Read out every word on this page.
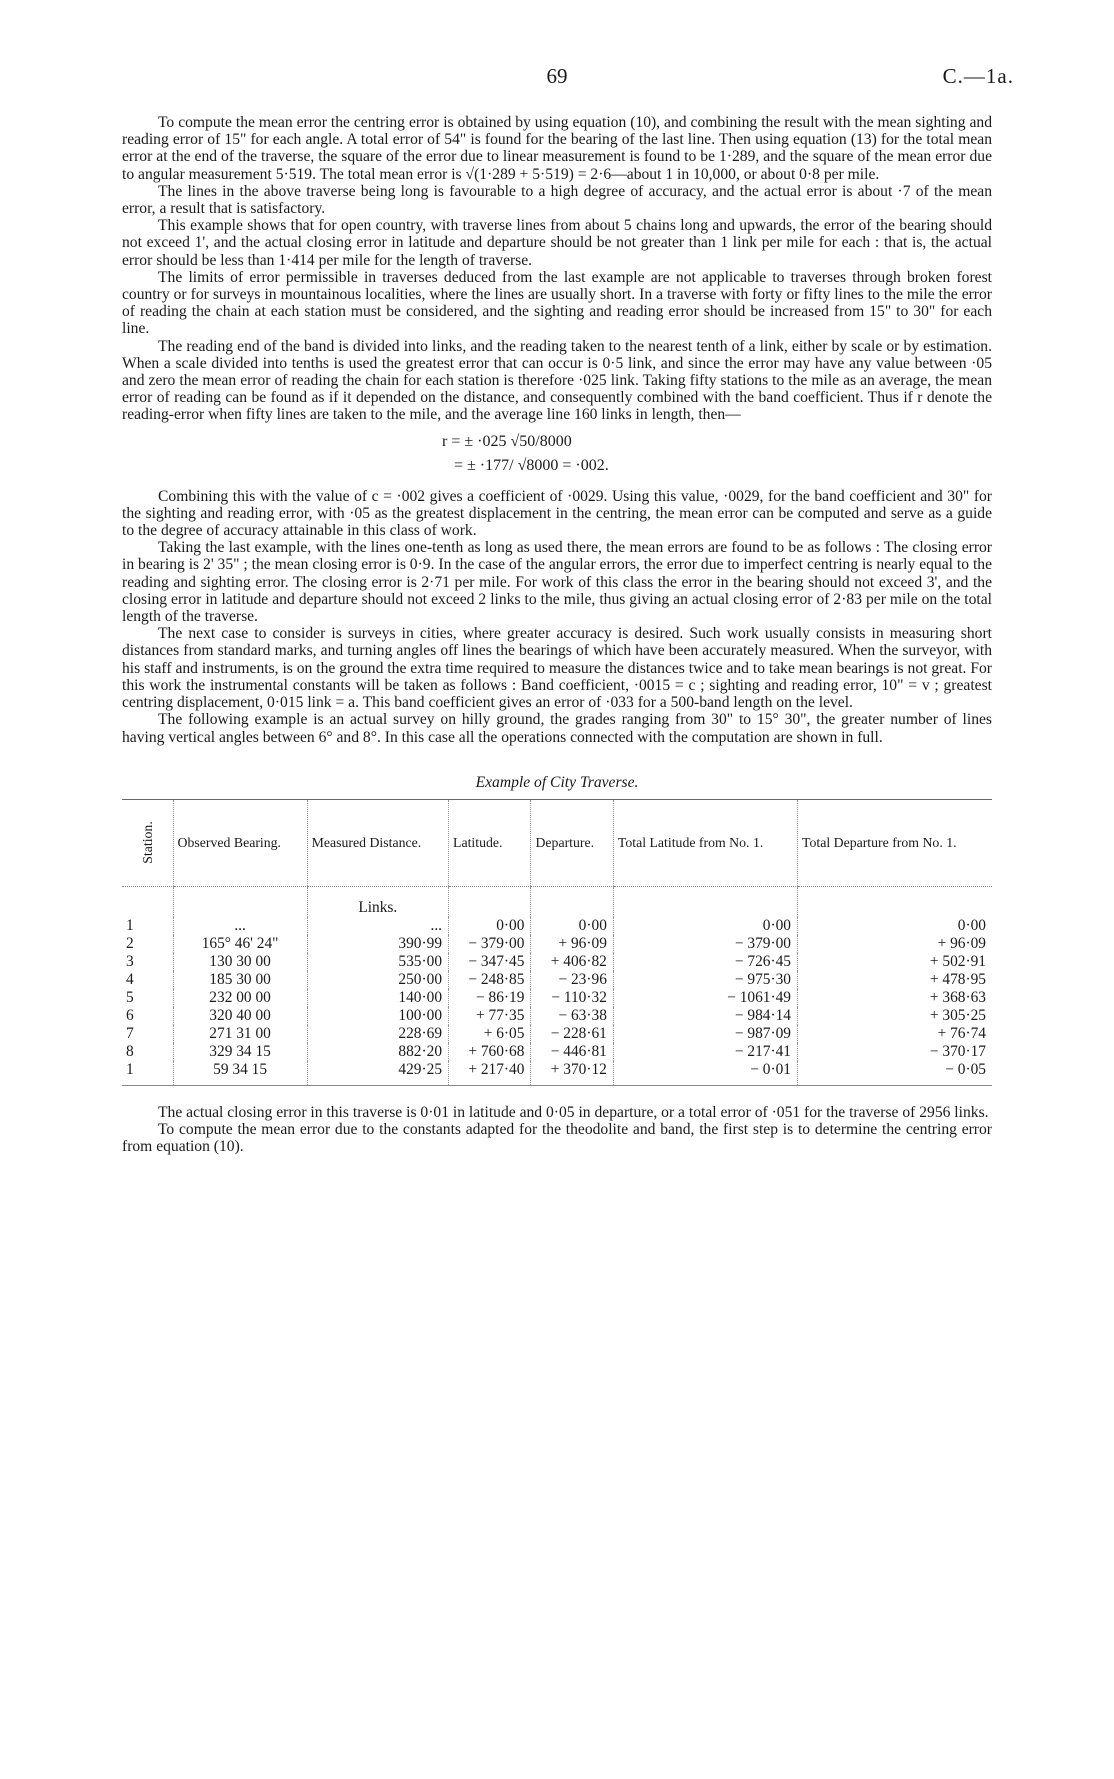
69	C.—1a.

To compute the mean error the centring error is obtained by using equation (10), and combining the result with the mean sighting and reading error of 15" for each angle. A total error of 54" is found for the bearing of the last line. Then using equation (13) for the total mean error at the end of the traverse, the square of the error due to linear measurement is found to be 1·289, and the square of the mean error due to angular measurement 5·519. The total mean error is √(1·289 + 5·519) = 2·6—about 1 in 10,000, or about 0·8 per mile.

The lines in the above traverse being long is favourable to a high degree of accuracy, and the actual error is about ·7 of the mean error, a result that is satisfactory.

This example shows that for open country, with traverse lines from about 5 chains long and upwards, the error of the bearing should not exceed 1', and the actual closing error in latitude and departure should be not greater than 1 link per mile for each : that is, the actual error should be less than 1·414 per mile for the length of traverse.

The limits of error permissible in traverses deduced from the last example are not applicable to traverses through broken forest country or for surveys in mountainous localities, where the lines are usually short. In a traverse with forty or fifty lines to the mile the error of reading the chain at each station must be considered, and the sighting and reading error should be increased from 15" to 30" for each line.

The reading end of the band is divided into links, and the reading taken to the nearest tenth of a link, either by scale or by estimation. When a scale divided into tenths is used the greatest error that can occur is 0·5 link, and since the error may have any value between ·05 and zero the mean error of reading the chain for each station is therefore ·025 link. Taking fifty stations to the mile as an average, the mean error of reading can be found as if it depended on the distance, and consequently combined with the band coefficient. Thus if r denote the reading-error when fifty lines are taken to the mile, and the average line 160 links in length, then—

r = ± ·025 √50/8000
= ± ·177/ √8000 = ·002.

Combining this with the value of c = ·002 gives a coefficient of ·0029. Using this value, ·0029, for the band coefficient and 30" for the sighting and reading error, with ·05 as the greatest displacement in the centring, the mean error can be computed and serve as a guide to the degree of accuracy attainable in this class of work.

Taking the last example, with the lines one-tenth as long as used there, the mean errors are found to be as follows : The closing error in bearing is 2' 35" ; the mean closing error is 0·9. In the case of the angular errors, the error due to imperfect centring is nearly equal to the reading and sighting error. The closing error is 2·71 per mile. For work of this class the error in the bearing should not exceed 3', and the closing error in latitude and departure should not exceed 2 links to the mile, thus giving an actual closing error of 2·83 per mile on the total length of the traverse.

The next case to consider is surveys in cities, where greater accuracy is desired. Such work usually consists in measuring short distances from standard marks, and turning angles off lines the bearings of which have been accurately measured. When the surveyor, with his staff and instruments, is on the ground the extra time required to measure the distances twice and to take mean bearings is not great. For this work the instrumental constants will be taken as follows : Band coefficient, ·0015 = c ; sighting and reading error, 10" = v ; greatest centring displacement, 0·015 link = a. This band coefficient gives an error of ·033 for a 500-band length on the level.

The following example is an actual survey on hilly ground, the grades ranging from 30" to 15° 30", the greater number of lines having vertical angles between 6° and 8°. In this case all the operations connected with the computation are shown in full.

Example of City Traverse.
Station.	Observed Bearing.	Measured Distance.	Latitude.	Departure.	Total Latitude from No. 1.	Total Departure from No. 1.
		Links.				
1	...	...	0·00	0·00	0·00	0·00
2	165° 46' 24"	390·99	− 379·00	+ 96·09	− 379·00	+ 96·09
3	130 30 00	535·00	− 347·45	+ 406·82	− 726·45	+ 502·91
4	185 30 00	250·00	− 248·85	− 23·96	− 975·30	+ 478·95
5	232 00 00	140·00	− 86·19	− 110·32	− 1061·49	+ 368·63
6	320 40 00	100·00	+ 77·35	− 63·38	− 984·14	+ 305·25
7	271 31 00	228·69	+ 6·05	− 228·61	− 987·09	+ 76·74
8	329 34 15	882·20	+ 760·68	− 446·81	− 217·41	− 370·17
1	59 34 15	429·25	+ 217·40	+ 370·12	− 0·01	− 0·05

The actual closing error in this traverse is 0·01 in latitude and 0·05 in departure, or a total error of ·051 for the traverse of 2956 links.

To compute the mean error due to the constants adapted for the theodolite and band, the first step is to determine the centring error from equation (10).
